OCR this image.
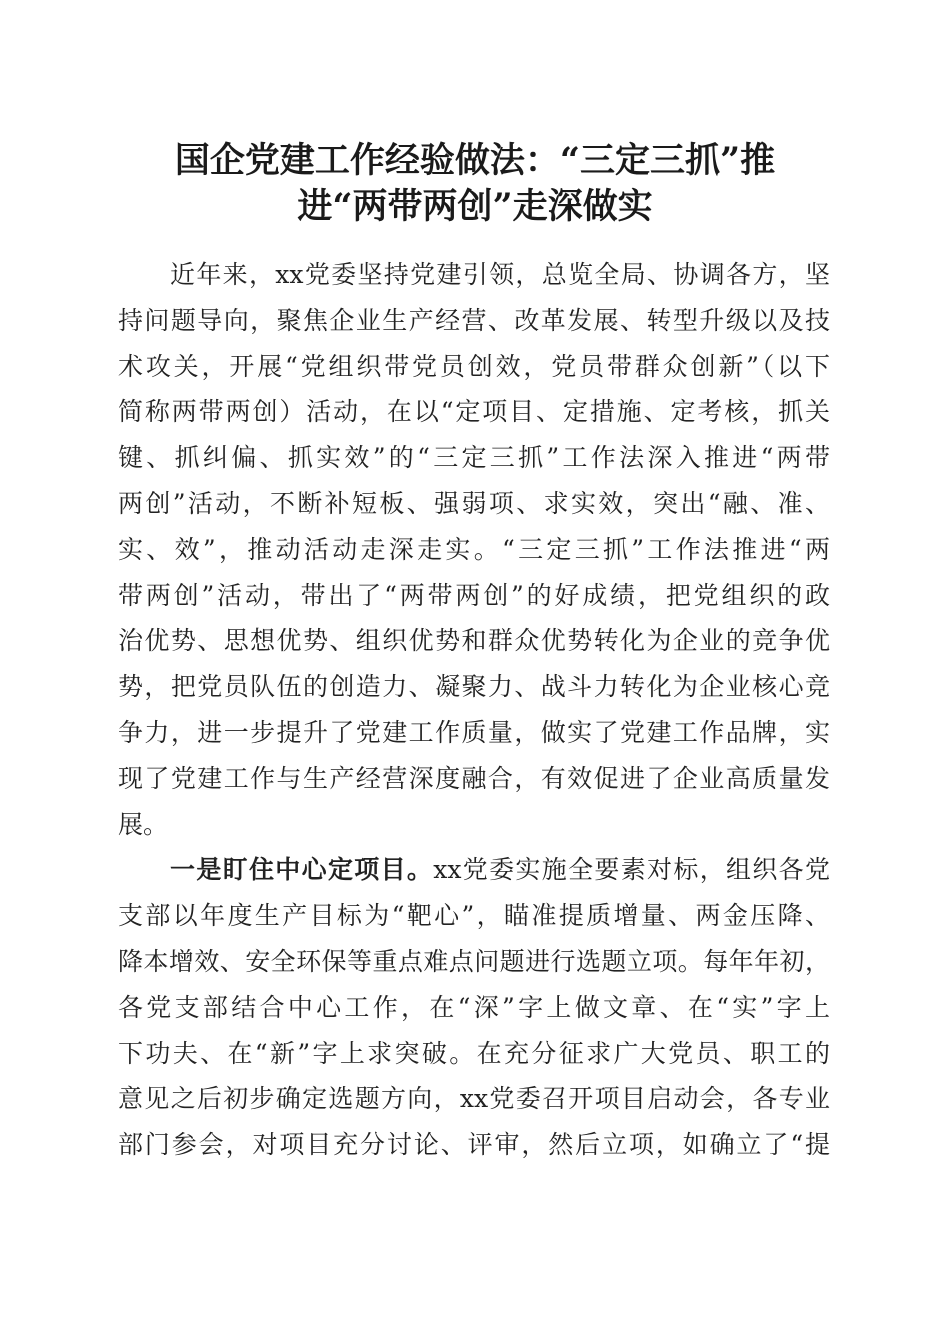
国企党建工作经验做法：“三定三抓”推
进“两带两创”走深做实
近年来，xx党委坚持党建引领，总览全局、协调各方，坚
持问题导向，聚焦企业生产经营、改革发展、转型升级以及技
术攻关，开展“党组织带党员创效，党员带群众创新”（以下
简称两带两创）活动，在以“定项目、定措施、定考核，抓关
键、抓纠偏、抓实效”的“三定三抓”工作法深入推进“两带
两创”活动，不断补短板、强弱项、求实效，突出“融、准、
实、效”，推动活动走深走实。“三定三抓”工作法推进“两
带两创”活动，带出了“两带两创”的好成绩，把党组织的政
治优势、思想优势、组织优势和群众优势转化为企业的竞争优
势，把党员队伍的创造力、凝聚力、战斗力转化为企业核心竞
争力，进一步提升了党建工作质量，做实了党建工作品牌，实
现了党建工作与生产经营深度融合，有效促进了企业高质量发
展。
一是盯住中心定项目。xx党委实施全要素对标，组织各党
支部以年度生产目标为“靶心”，瞄准提质增量、两金压降、
降本增效、安全环保等重点难点问题进行选题立项。每年年初，
各党支部结合中心工作，在“深”字上做文章、在“实”字上
下功夫、在“新”字上求突破。在充分征求广大党员、职工的
意见之后初步确定选题方向，xx党委召开项目启动会，各专业
部门参会，对项目充分讨论、评审，然后立项，如确立了“提
